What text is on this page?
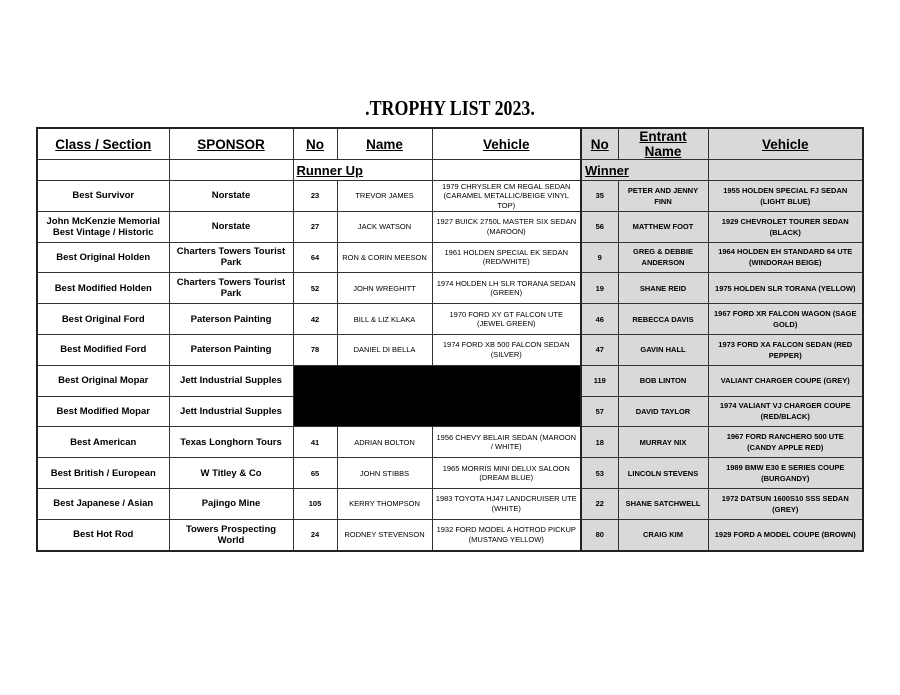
.TROPHY LIST 2023.
Class / Section	SPONSOR	No	Name	Vehicle	No	Entrant Name	Vehicle
		Runner Up			Winner		
Best Survivor	Norstate	23	TREVOR JAMES	1979 CHRYSLER CM REGAL SEDAN (CARAMEL METALLIC/BEIGE VINYL TOP)	35	PETER AND JENNY FINN	1955 HOLDEN SPECIAL FJ SEDAN (LIGHT BLUE)
John McKenzie Memorial Best Vintage / Historic	Norstate	27	JACK WATSON	1927 BUICK 2750L MASTER SIX SEDAN (MAROON)	56	MATTHEW FOOT	1929 CHEVROLET TOURER SEDAN (BLACK)
Best Original Holden	Charters Towers Tourist Park	64	RON & CORIN MEESON	1961 HOLDEN SPECIAL EK SEDAN (RED/WHITE)	9	GREG & DEBBIE ANDERSON	1964 HOLDEN EH STANDARD 64 UTE (WINDORAH BEIGE)
Best Modified Holden	Charters Towers Tourist Park	52	JOHN WREGHITT	1974 HOLDEN LH SLR TORANA SEDAN (GREEN)	19	SHANE REID	1975 HOLDEN SLR TORANA (YELLOW)
Best Original Ford	Paterson Painting	42	BILL & LIZ KLAKA	1970 FORD XY GT FALCON UTE (JEWEL GREEN)	46	REBECCA DAVIS	1967 FORD XR FALCON WAGON (SAGE GOLD)
Best Modified Ford	Paterson Painting	78	DANIEL DI BELLA	1974 FORD XB 500 FALCON SEDAN (SILVER)	47	GAVIN HALL	1973 FORD XA FALCON SEDAN (RED PEPPER)
Best Original Mopar	Jett Industrial Supples				119	BOB LINTON	VALIANT CHARGER COUPE (GREY)
Best Modified Mopar	Jett Industrial Supples				57	DAVID TAYLOR	1974 VALIANT VJ CHARGER COUPE (RED/BLACK)
Best American	Texas Longhorn Tours	41	ADRIAN BOLTON	1956 CHEVY BELAIR SEDAN (MAROON / WHITE)	18	MURRAY NIX	1967 FORD RANCHERO 500 UTE (CANDY APPLE RED)
Best British / European	W Titley & Co	65	JOHN STIBBS	1965 MORRIS MINI DELUX SALOON (DREAM BLUE)	53	LINCOLN STEVENS	1989 BMW E30 E SERIES COUPE (BURGANDY)
Best Japanese / Asian	Pajingo Mine	105	KERRY THOMPSON	1983 TOYOTA HJ47 LANDCRUISER UTE (WHITE)	22	SHANE SATCHWELL	1972 DATSUN 1600S10 SSS SEDAN (GREY)
Best Hot Rod	Towers Prospecting World	24	RODNEY STEVENSON	1932 FORD MODEL A HOTROD PICKUP (MUSTANG YELLOW)	80	CRAIG KIM	1929 FORD A MODEL COUPE (BROWN)
